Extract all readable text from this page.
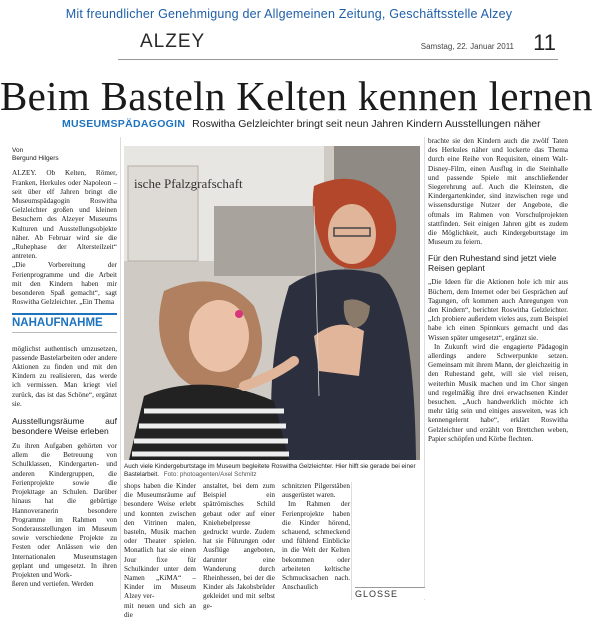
Mit freundlicher Genehmigung der Allgemeinen Zeitung, Geschäftsstelle Alzey
ALZEY	Samstag, 22. Januar 2011 11
Beim Basteln Kelten kennen lernen
MUSEUMSPÄDAGOGIN Roswitha Gelzleichter bringt seit neun Jahren Kindern Ausstellungen näher
Von
Bergund Hilgers

ALZEY. Ob Kelten, Römer, Franken, Herkules oder Napoleon – seit über elf Jahren bringt die Museumspädagogin Roswitha Gelzleichter großen und kleinen Besuchern des Alzeyer Museums Kulturen und Ausstellungsobjekte näher. Ab Februar wird sie die „Ruhephase der Altersteilzeit“ antreten.

„Die Vorbereitung der Ferienprogramme und die Arbeit mit den Kindern haben mir besonderen Spaß gemacht“, sagt Roswitha Gelzleichter. „Ein Thema

NAHAUFNAHME

möglichst authentisch umzusetzen, passende Bastelarbeiten oder andere Aktionen zu finden und mit den Kindern zu realisieren, das werde ich vermissen. Man kriegt viel zurück, das ist das Schöne“, ergänzt sie.

Ausstellungsräume auf besondere Weise erleben

Zu ihren Aufgaben gehörten vor allem die Betreuung von Schulklassen, Kindergarten- und anderen Kindergruppen, die Ferienprojekte sowie die Projekttage an Schulen. Darüber hinaus hat die gebürtige Hannoveranerin besondere Programme im Rahmen von Sonderausstellungen im Museum sowie verschiedene Projekte zu Festen oder Anlässen wie den Internationalen Museumstagen geplant und umgesetzt. In ihren Projekten und Work-

ßeren und vertiefen. Werden

ische Pfalzgrafschaft
Auch viele Kindergeburtstage im Museum begleitete Roswitha Gelzleichter. Hier hilft sie gerade bei einer Bastelarbeit. Foto: photoagenten/Axel Schmitz

shops haben die Kinder die Museumsräume auf besondere Weise erlebt und konnten zwischen den Vitrinen malen, basteln, Musik machen oder Theater spielen. Monatlich hat sie einen Jour fixe für Schulkinder unter dem Namen „KiMA“ – Kinder im Museum Alzey ver-

mit neuen und sich an die

anstaltet, bei dem zum Beispiel ein spätrömisches Schild gebaut oder auf einer Kniehebelpresse gedruckt wurde. Zudem hat sie Führungen oder Ausflüge angeboten, darunter eine Wanderung durch Rheinhessen, bei der die Kinder als Jakobsbrüder gekleidet und mit selbst ge-

schnitzten Pilgerstäben ausgerüstet waren.

Im Rahmen der Ferienprojekte haben die Kinder hörend, schauend, schmeckend und fühlend Einblicke in die Welt der Kelten bekommen oder arbeiteten keltische Schmucksachen nach. Anschaulich

brachte sie den Kindern auch die zwölf Taten des Herkules näher und lockerte das Thema durch eine Reihe von Requisiten, einem Walt-Disney-Film, einen Ausflug in die Steinhalle und passende Spiele mit anschließender Siegerehrung auf. Auch die Kleinsten, die Kindergartenkinder, sind inzwischen rege und wissensdurstige Nutzer der Angebote, die oftmals im Rahmen von Vorschulprojekten stattfinden. Seit einigen Jahren gibt es zudem die Möglichkeit, auch Kindergeburtstage im Museum zu feiern.

Für den Ruhestand sind jetzt viele Reisen geplant

„Die Ideen für die Aktionen hole ich mir aus Büchern, dem Internet oder bei Gesprächen auf Tagungen, oft kommen auch Anregungen von den Kindern“, berichtet Roswitha Gelzleichter. „Ich probiere außerdem vieles aus, zum Beispiel habe ich einen Spinnkurs gemacht und das Wissen später umgesetzt“, ergänzt sie.

In Zukunft wird die engagierte Pädagogin allerdings andere Schwerpunkte setzen. Gemeinsam mit ihrem Mann, der gleichzeitig in den Ruhestand geht, will sie viel reisen, weiterhin Musik machen und im Chor singen und regelmäßig ihre drei erwachsenen Kinder besuchen. „Auch handwerklich möchte ich mehr tätig sein und einiges ausweiten, was ich kennengelernt habe“, erklärt Roswitha Gelzleichter und erzählt von Brettchen weben, Papier schöpfen und Körbe flechten.

GLOSSE
